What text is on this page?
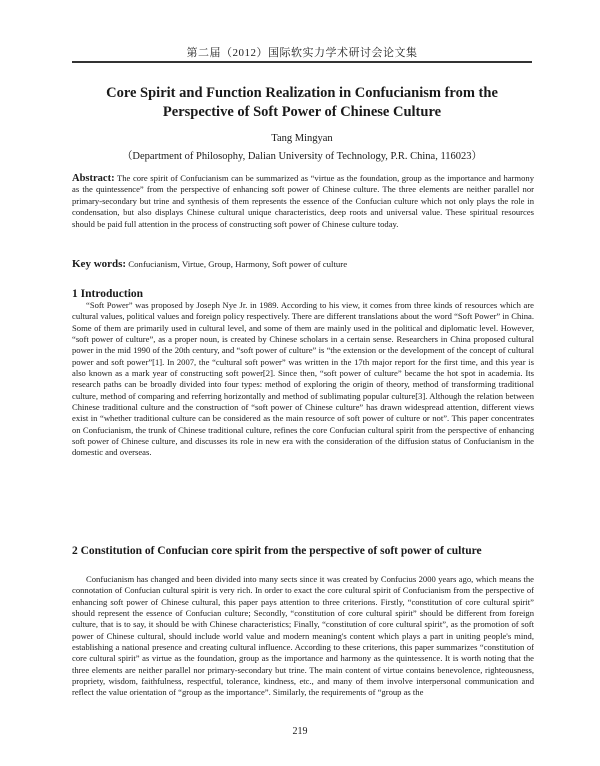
第二届（2012）国际软实力学术研讨会论文集
Core Spirit and Function Realization in Confucianism from the Perspective of Soft Power of Chinese Culture
Tang Mingyan
（Department of Philosophy, Dalian University of Technology, P.R. China, 116023）

Abstract: The core spirit of Confucianism can be summarized as “virtue as the foundation, group as the importance and harmony as the quintessence” from the perspective of enhancing soft power of Chinese culture. The three elements are neither parallel nor primary-secondary but trine and synthesis of them represents the essence of the Confucian culture which not only plays the role in condensation, but also displays Chinese cultural unique characteristics, deep roots and universal value. These spiritual resources should be paid full attention in the process of constructing soft power of Chinese culture today.

Key words: Confucianism, Virtue, Group, Harmony, Soft power of culture

1 Introduction

“Soft Power” was proposed by Joseph Nye Jr. in 1989. According to his view, it comes from three kinds of resources which are cultural values, political values and foreign policy respectively. There are different translations about the word “Soft Power” in China. Some of them are primarily used in cultural level, and some of them are mainly used in the political and diplomatic level. However, “soft power of culture”, as a proper noun, is created by Chinese scholars in a certain sense. Researchers in China proposed cultural power in the mid 1990 of the 20th century, and “soft power of culture” is “the extension or the development of the concept of cultural power and soft power”[1]. In 2007, the “cultural soft power” was written in the 17th major report for the first time, and this year is also known as a mark year of constructing soft power[2]. Since then, “soft power of culture” became the hot spot in academia. Its research paths can be broadly divided into four types: method of exploring the origin of theory, method of transforming traditional culture, method of comparing and referring horizontally and method of sublimating popular culture[3]. Although the relation between Chinese traditional culture and the construction of “soft power of Chinese culture” has drawn widespread attention, different views exist in “whether traditional culture can be considered as the main resource of soft power of culture or not”. This paper concentrates on Confucianism, the trunk of Chinese traditional culture, refines the core Confucian cultural spirit from the perspective of enhancing soft power of Chinese culture, and discusses its role in new era with the consideration of the diffusion status of Confucianism in the domestic and overseas.

2 Constitution of Confucian core spirit from the perspective of soft power of culture

Confucianism has changed and been divided into many sects since it was created by Confucius 2000 years ago, which means the connotation of Confucian cultural spirit is very rich. In order to exact the core cultural spirit of Confucianism from the perspective of enhancing soft power of Chinese cultural, this paper pays attention to three criterions. Firstly, “constitution of core cultural spirit” should represent the essence of Confucian culture; Secondly, “constitution of core cultural spirit” should be different from foreign culture, that is to say, it should be with Chinese characteristics; Finally, “constitution of core cultural spirit”, as the promotion of soft power of Chinese cultural, should include world value and modern meaning's content which plays a part in uniting people's mind, establishing a national presence and creating cultural influence. According to these criterions, this paper summarizes “constitution of core cultural spirit” as virtue as the foundation, group as the importance and harmony as the quintessence. It is worth noting that the three elements are neither parallel nor primary-secondary but trine. The main content of virtue contains benevolence, righteousness, propriety, wisdom, faithfulness, respectful, tolerance, kindness, etc., and many of them involve interpersonal communication and reflect the value orientation of “group as the importance”. Similarly, the requirements of “group as the

219
